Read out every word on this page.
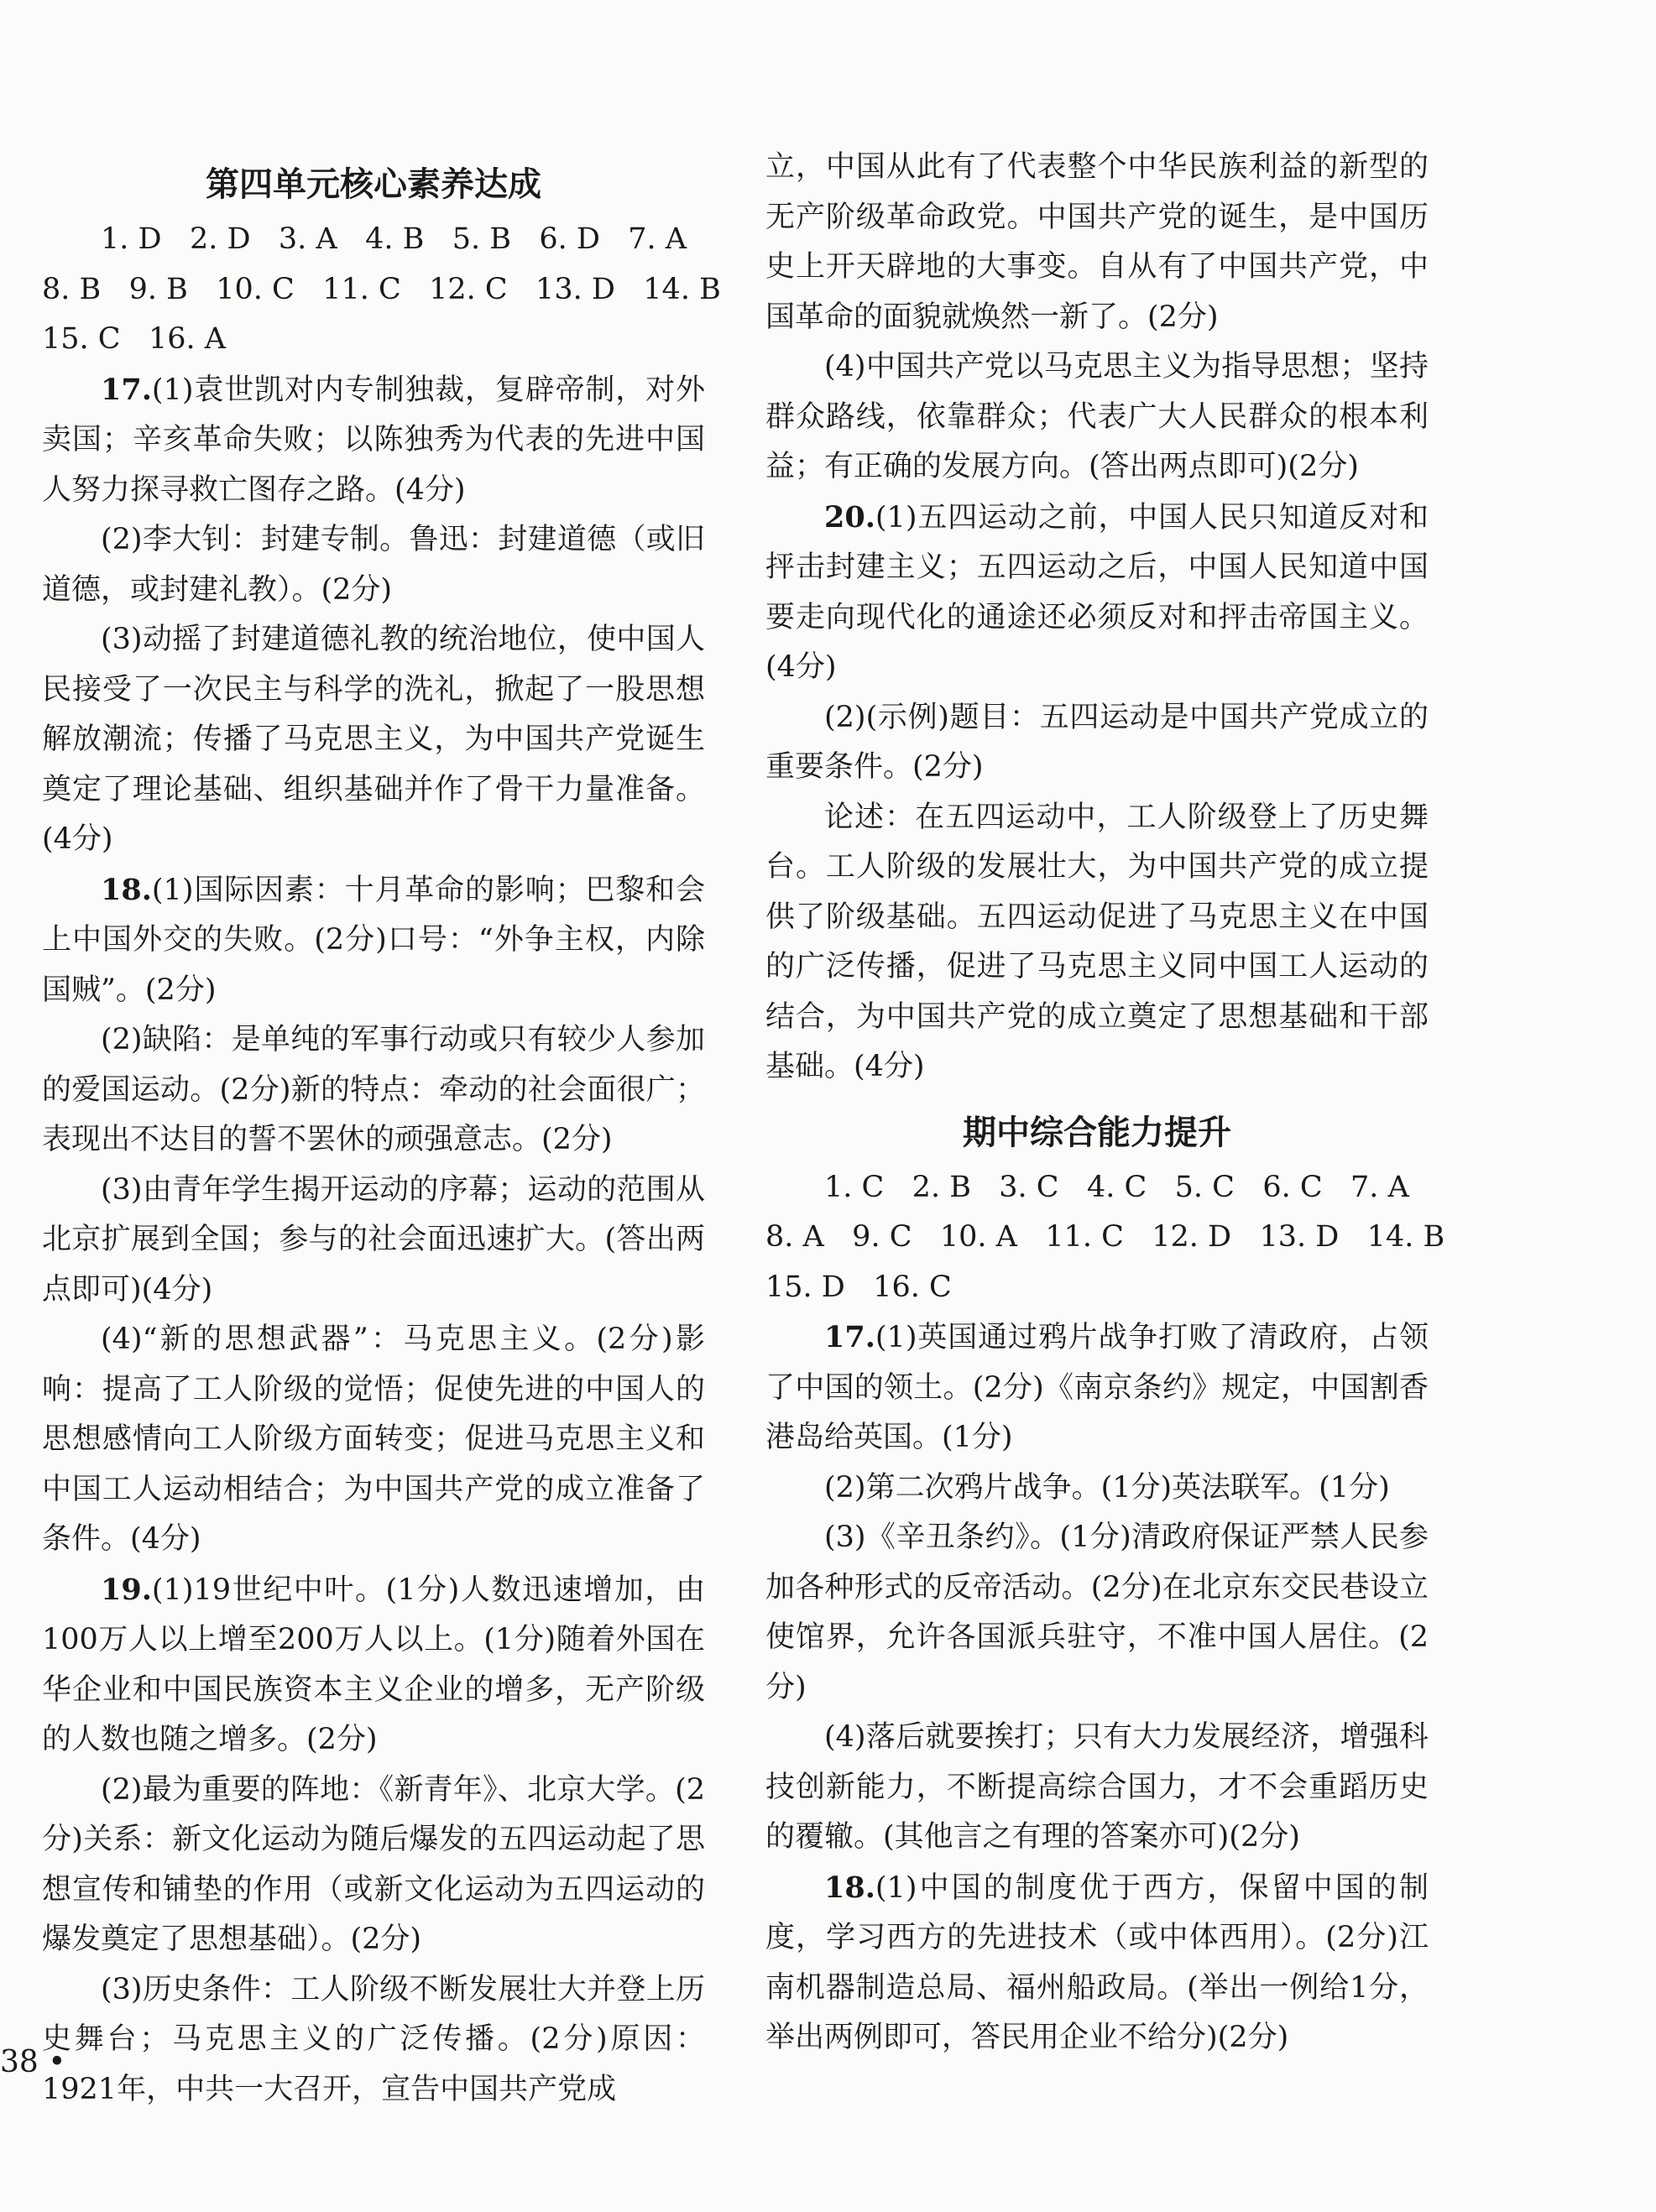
第四单元核心素养达成

1. D   2. D   3. A   4. B   5. B   6. D   7. A

8. B   9. B   10. C   11. C   12. C   13. D   14. B

15. C   16. A

17.(1)袁世凯对内专制独裁，复辟帝制，对外卖国；辛亥革命失败；以陈独秀为代表的先进中国人努力探寻救亡图存之路。(4分)

(2)李大钊：封建专制。鲁迅：封建道德（或旧道德，或封建礼教）。(2分)

(3)动摇了封建道德礼教的统治地位，使中国人民接受了一次民主与科学的洗礼，掀起了一股思想解放潮流；传播了马克思主义，为中国共产党诞生奠定了理论基础、组织基础并作了骨干力量准备。(4分)

18.(1)国际因素：十月革命的影响；巴黎和会上中国外交的失败。(2分)口号：“外争主权，内除国贼”。(2分)

(2)缺陷：是单纯的军事行动或只有较少人参加的爱国运动。(2分)新的特点：牵动的社会面很广；表现出不达目的誓不罢休的顽强意志。(2分)

(3)由青年学生揭开运动的序幕；运动的范围从北京扩展到全国；参与的社会面迅速扩大。(答出两点即可)(4分)

(4)“新的思想武器”：马克思主义。(2分)影响：提高了工人阶级的觉悟；促使先进的中国人的思想感情向工人阶级方面转变；促进马克思主义和中国工人运动相结合；为中国共产党的成立准备了条件。(4分)

19.(1)19世纪中叶。(1分)人数迅速增加，由100万人以上增至200万人以上。(1分)随着外国在华企业和中国民族资本主义企业的增多，无产阶级的人数也随之增多。(2分)

(2)最为重要的阵地：《新青年》、北京大学。(2分)关系：新文化运动为随后爆发的五四运动起了思想宣传和铺垫的作用（或新文化运动为五四运动的爆发奠定了思想基础）。(2分)

(3)历史条件：工人阶级不断发展壮大并登上历史舞台；马克思主义的广泛传播。(2分)原因：1921年，中共一大召开，宣告中国共产党成

立，中国从此有了代表整个中华民族利益的新型的无产阶级革命政党。中国共产党的诞生，是中国历史上开天辟地的大事变。自从有了中国共产党，中国革命的面貌就焕然一新了。(2分)

(4)中国共产党以马克思主义为指导思想；坚持群众路线，依靠群众；代表广大人民群众的根本利益；有正确的发展方向。(答出两点即可)(2分)

20.(1)五四运动之前，中国人民只知道反对和抨击封建主义；五四运动之后，中国人民知道中国要走向现代化的通途还必须反对和抨击帝国主义。(4分)

(2)(示例)题目：五四运动是中国共产党成立的重要条件。(2分)

论述：在五四运动中，工人阶级登上了历史舞台。工人阶级的发展壮大，为中国共产党的成立提供了阶级基础。五四运动促进了马克思主义在中国的广泛传播，促进了马克思主义同中国工人运动的结合，为中国共产党的成立奠定了思想基础和干部基础。(4分)

期中综合能力提升

1. C   2. B   3. C   4. C   5. C   6. C   7. A

8. A   9. C   10. A   11. C   12. D   13. D   14. B

15. D   16. C

17.(1)英国通过鸦片战争打败了清政府，占领了中国的领土。(2分)《南京条约》规定，中国割香港岛给英国。(1分)

(2)第二次鸦片战争。(1分)英法联军。(1分)

(3)《辛丑条约》。(1分)清政府保证严禁人民参加各种形式的反帝活动。(2分)在北京东交民巷设立使馆界，允许各国派兵驻守，不准中国人居住。(2分)

(4)落后就要挨打；只有大力发展经济，增强科技创新能力，不断提高综合国力，才不会重蹈历史的覆辙。(其他言之有理的答案亦可)(2分)

18.(1)中国的制度优于西方，保留中国的制度，学习西方的先进技术（或中体西用）。(2分)江南机器制造总局、福州船政局。(举出一例给1分，举出两例即可，答民用企业不给分)(2分)

38 •
